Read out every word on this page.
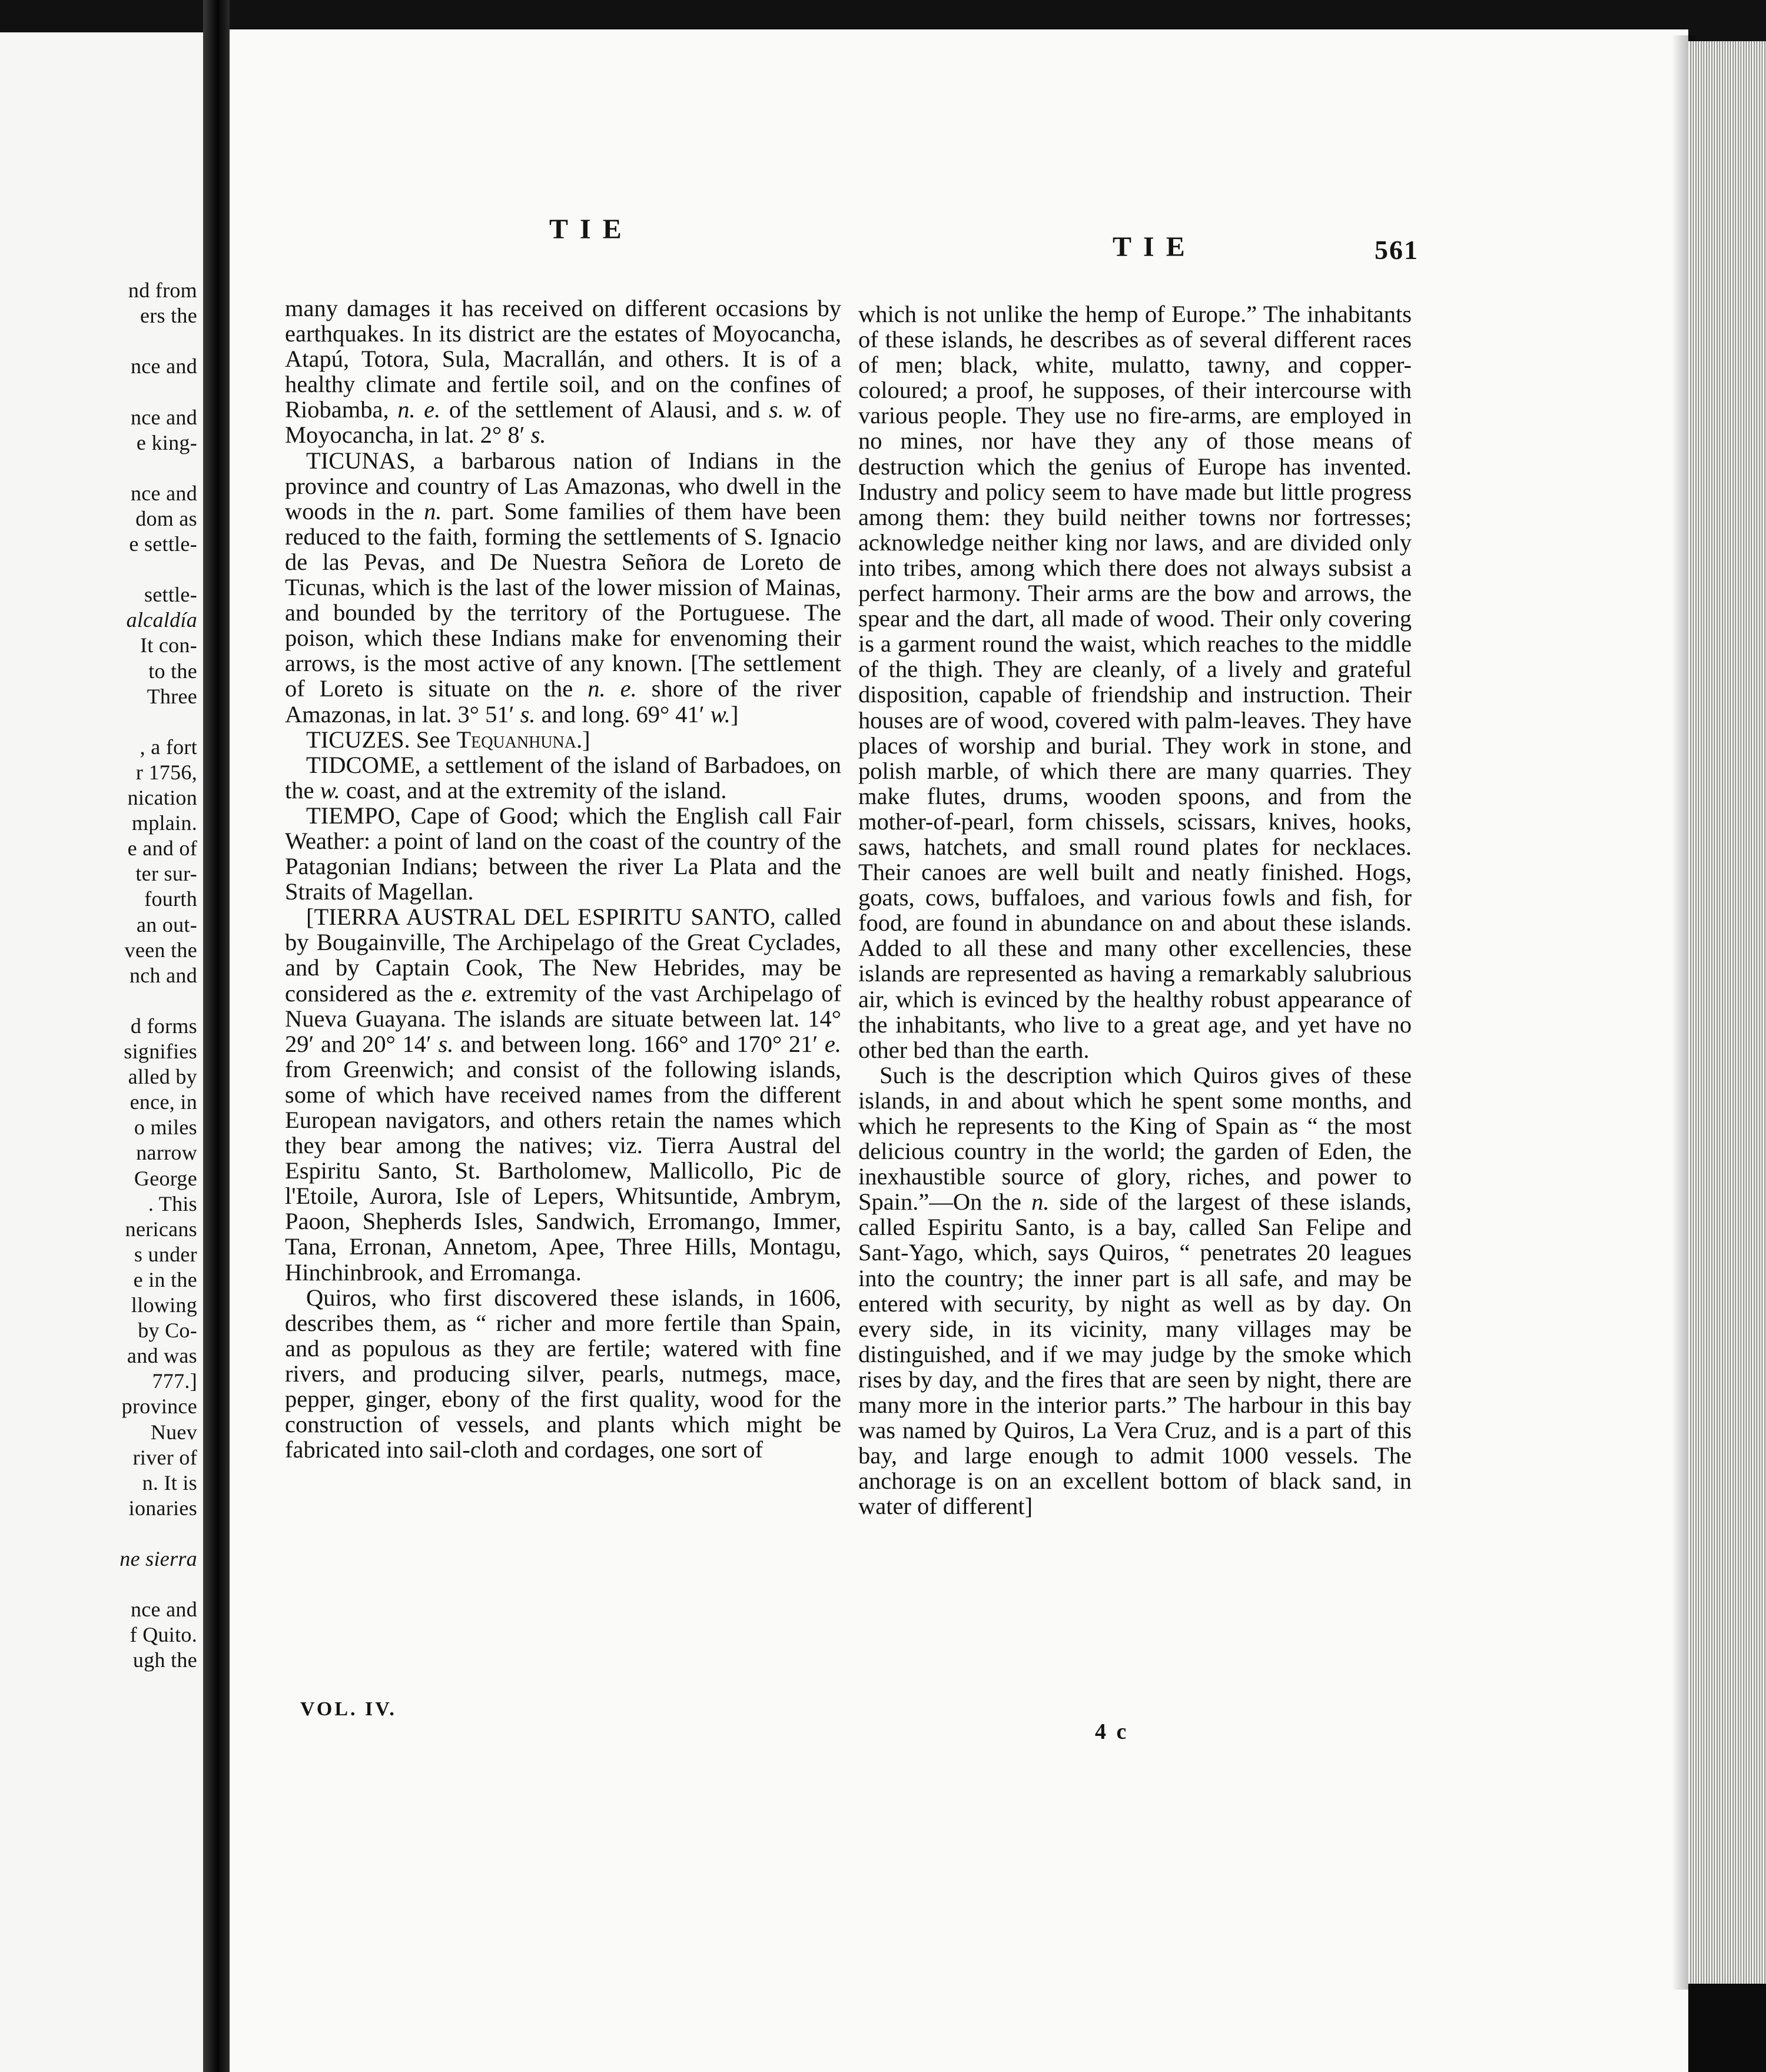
nd from
ers the
nce and
nce and
e king-
nce and
dom as
e settle-
settle-
alcaldía
It con-
to the
Three
, a fort
r 1756,
nication
mplain.
e and of
ter sur-
fourth
an out-
veen the
nch and
d forms
signifies
alled by
ence, in
o miles
narrow
George
. This
nericans
s under
e in the
llowing
by Co-
and was
777.]
province
Nuev
river of
n. It is
ionaries
ne sierra
nce and
f Quito.
ugh the
TIE
TIE	561

many damages it has received on different occasions by earthquakes. In its district are the estates of Moyocancha, Atapú, Totora, Sula, Macrallán, and others. It is of a healthy climate and fertile soil, and on the confines of Riobamba, n. e. of the settlement of Alausi, and s. w. of Moyocancha, in lat. 2° 8′ s.

TICUNAS, a barbarous nation of Indians in the province and country of Las Amazonas, who dwell in the woods in the n. part. Some families of them have been reduced to the faith, forming the settlements of S. Ignacio de las Pevas, and De Nuestra Señora de Loreto de Ticunas, which is the last of the lower mission of Mainas, and bounded by the territory of the Portuguese. The poison, which these Indians make for envenoming their arrows, is the most active of any known. [The settlement of Loreto is situate on the n. e. shore of the river Amazonas, in lat. 3° 51′ s. and long. 69° 41′ w.]

TICUZES. See Tequanhuna.]

TIDCOME, a settlement of the island of Barbadoes, on the w. coast, and at the extremity of the island.

TIEMPO, Cape of Good; which the English call Fair Weather: a point of land on the coast of the country of the Patagonian Indians; between the river La Plata and the Straits of Magellan.

[TIERRA AUSTRAL DEL ESPIRITU SANTO, called by Bougainville, The Archipelago of the Great Cyclades, and by Captain Cook, The New Hebrides, may be considered as the e. extremity of the vast Archipelago of Nueva Guayana. The islands are situate between lat. 14° 29′ and 20° 14′ s. and between long. 166° and 170° 21′ e. from Greenwich; and consist of the following islands, some of which have received names from the different European navigators, and others retain the names which they bear among the natives; viz. Tierra Austral del Espiritu Santo, St. Bartholomew, Mallicollo, Pic de l'Etoile, Aurora, Isle of Lepers, Whitsuntide, Ambrym, Paoon, Shepherds Isles, Sandwich, Erromango, Immer, Tana, Erronan, Annetom, Apee, Three Hills, Montagu, Hinchinbrook, and Erromanga.

Quiros, who first discovered these islands, in 1606, describes them, as “ richer and more fertile than Spain, and as populous as they are fertile; watered with fine rivers, and producing silver, pearls, nutmegs, mace, pepper, ginger, ebony of the first quality, wood for the construction of vessels, and plants which might be fabricated into sail-cloth and cordages, one sort of

which is not unlike the hemp of Europe.” The inhabitants of these islands, he describes as of several different races of men; black, white, mulatto, tawny, and copper-coloured; a proof, he supposes, of their intercourse with various people. They use no fire-arms, are employed in no mines, nor have they any of those means of destruction which the genius of Europe has invented. Industry and policy seem to have made but little progress among them: they build neither towns nor fortresses; acknowledge neither king nor laws, and are divided only into tribes, among which there does not always subsist a perfect harmony. Their arms are the bow and arrows, the spear and the dart, all made of wood. Their only covering is a garment round the waist, which reaches to the middle of the thigh. They are cleanly, of a lively and grateful disposition, capable of friendship and instruction. Their houses are of wood, covered with palm-leaves. They have places of worship and burial. They work in stone, and polish marble, of which there are many quarries. They make flutes, drums, wooden spoons, and from the mother-of-pearl, form chissels, scissars, knives, hooks, saws, hatchets, and small round plates for necklaces. Their canoes are well built and neatly finished. Hogs, goats, cows, buffaloes, and various fowls and fish, for food, are found in abundance on and about these islands. Added to all these and many other excellencies, these islands are represented as having a remarkably salubrious air, which is evinced by the healthy robust appearance of the inhabitants, who live to a great age, and yet have no other bed than the earth.

Such is the description which Quiros gives of these islands, in and about which he spent some months, and which he represents to the King of Spain as “ the most delicious country in the world; the garden of Eden, the inexhaustible source of glory, riches, and power to Spain.”—On the n. side of the largest of these islands, called Espiritu Santo, is a bay, called San Felipe and Sant-Yago, which, says Quiros, “ penetrates 20 leagues into the country; the inner part is all safe, and may be entered with security, by night as well as by day. On every side, in its vicinity, many villages may be distinguished, and if we may judge by the smoke which rises by day, and the fires that are seen by night, there are many more in the interior parts.” The harbour in this bay was named by Quiros, La Vera Cruz, and is a part of this bay, and large enough to admit 1000 vessels. The anchorage is on an excellent bottom of black sand, in water of different]

VOL. IV.
4 c
